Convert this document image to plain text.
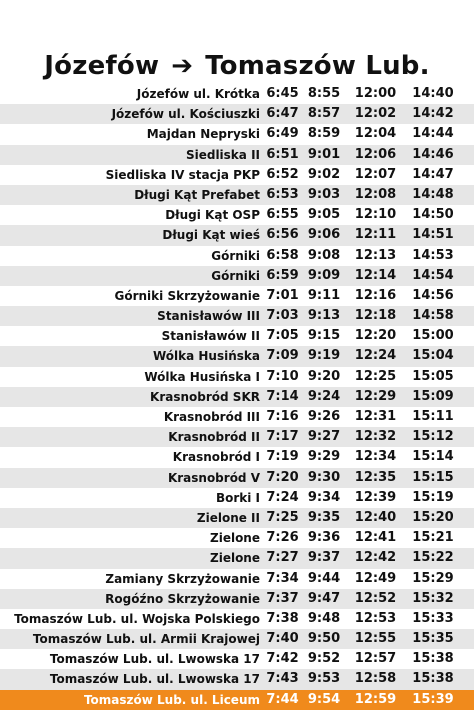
Józefów ➔ Tomaszów Lub.
Józefów ul. Krótka 6:45 8:55	12:00	14:40
Józefów ul. Kościuszki 6:47 8:57	12:02	14:42
Majdan Nepryski 6:49 8:59	12:04	14:44
Siedliska II 6:51 9:01	12:06	14:46
Siedliska IV stacja PKP 6:52 9:02	12:07	14:47
Długi Kąt Prefabet 6:53 9:03	12:08	14:48
Długi Kąt OSP 6:55 9:05	12:10	14:50
Długi Kąt wieś 6:56 9:06	12:11	14:51
Górniki 6:58 9:08	12:13	14:53
Górniki 6:59 9:09	12:14	14:54
Górniki Skrzyżowanie 7:01 9:11	12:16	14:56
Stanisławów III 7:03 9:13	12:18	14:58
Stanisławów II 7:05 9:15	12:20	15:00
Wólka Husińska 7:09 9:19	12:24	15:04
Wólka Husińska I 7:10 9:20	12:25	15:05
Krasnobród SKR 7:14 9:24	12:29	15:09
Krasnobród III 7:16 9:26	12:31	15:11
Krasnobród II 7:17 9:27	12:32	15:12
Krasnobród I 7:19 9:29	12:34	15:14
Krasnobród V 7:20 9:30	12:35	15:15
Borki I 7:24 9:34	12:39	15:19
Zielone II 7:25 9:35	12:40	15:20
Zielone 7:26 9:36	12:41	15:21
Zielone 7:27 9:37	12:42	15:22
Zamiany Skrzyżowanie 7:34 9:44	12:49	15:29
Rogóźno Skrzyżowanie 7:37 9:47	12:52	15:32
Tomaszów Lub. ul. Wojska Polskiego 7:38 9:48	12:53	15:33
Tomaszów Lub. ul. Armii Krajowej 7:40 9:50	12:55	15:35
Tomaszów Lub. ul. Lwowska 17 7:42 9:52	12:57	15:38
Tomaszów Lub. ul. Lwowska 17 7:43 9:53	12:58	15:38
Tomaszów Lub. ul. Liceum 7:44 9:54	12:59	15:39
